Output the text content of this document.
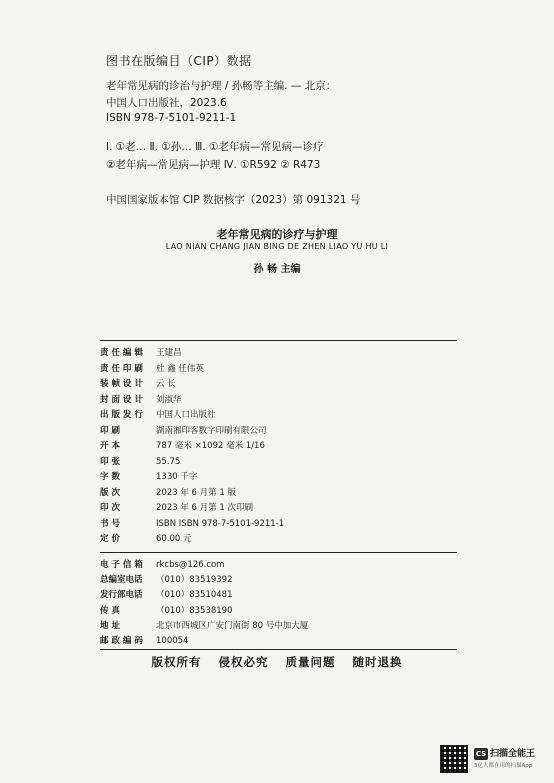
图书在版编目（CIP）数据
老年常见病的诊治与护理 / 孙畅等主编. — 北京：
中国人口出版社，2023.6
ISBN 978-7-5101-9211-1
Ⅰ. ①老… Ⅱ. ①孙… Ⅲ. ①老年病—常见病—诊疗
②老年病—常见病—护理 Ⅳ. ①R592 ② R473
中国国家版本馆 CIP 数据核字（2023）第 091321 号
老年常见病的诊疗与护理
LAO NIAN CHANG JIAN BING DE ZHEN LIAO YU HU LI
孙 畅 主编
责 任 编 辑 王建昌
责 任 印 刷 杜 鑫 任伟英
装 帧 设 计 云 长
封 面 设 计 刘淑华
出 版 发 行 中国人口出版社
印 刷	湖南湘印客数字印刷有限公司
开 本	787 毫米 ×1092 毫米 1/16
印 张	55.75
字 数	1330 千字
版 次	2023 年 6 月第 1 版
印 次	2023 年 6 月第 1 次印刷
书 号	ISBN ISBN 978-7-5101-9211-1
定 价	60.00 元
电 子 信 箱 rkcbs@126.com
总编室电话 （010）83519392
发行部电话 （010）83510481
传 真	（010）83538190
地 址	北京市西城区广安门南街 80 号中加大厦
邮 政 编 码 100054
版权所有 侵权必究 质量问题 随时退换
CS 扫描全能王
3亿人都在用的扫描App
